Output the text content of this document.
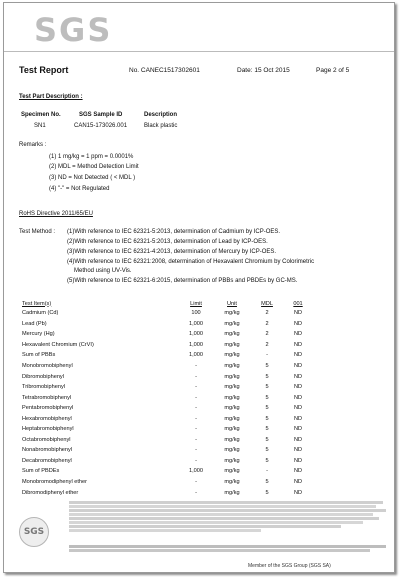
SGS
Test Report	No. CANEC1517302601	Date: 15 Oct 2015	Page 2 of 5
Test Part Description :
Specimen No.	SGS Sample ID	Description
SN1	CAN15-173026.001	Black plastic
Remarks :
(1) 1 mg/kg = 1 ppm = 0.0001%
(2) MDL = Method Detection Limit
(3) ND = Not Detected ( < MDL )
(4) "-" = Not Regulated
RoHS Directive 2011/65/EU
Test Method : (1)With reference to IEC 62321-5:2013, determination of Cadmium by ICP-OES.
(2)With reference to IEC 62321-5:2013, determination of Lead by ICP-OES.
(3)With reference to IEC 62321-4:2013, determination of Mercury by ICP-OES.
(4)With reference to IEC 62321:2008, determination of Hexavalent Chromium by Colorimetric
Method using UV-Vis.
(5)With reference to IEC 62321-6:2015, determination of PBBs and PBDEs by GC-MS.
Test Item(s)	Limit	Unit	MDL	001
Cadmium (Cd)	100	mg/kg	2	ND
Lead (Pb)	1,000	mg/kg	2	ND
Mercury (Hg)	1,000	mg/kg	2	ND
Hexavalent Chromium (CrVI)	1,000	mg/kg	2	ND
Sum of PBBs	1,000	mg/kg	-	ND
Monobromobiphenyl	-	mg/kg	5	ND
Dibromobiphenyl	-	mg/kg	5	ND
Tribromobiphenyl	-	mg/kg	5	ND
Tetrabromobiphenyl	-	mg/kg	5	ND
Pentabromobiphenyl	-	mg/kg	5	ND
Hexabromobiphenyl	-	mg/kg	5	ND
Heptabromobiphenyl	-	mg/kg	5	ND
Octabromobiphenyl	-	mg/kg	5	ND
Nonabromobiphenyl	-	mg/kg	5	ND
Decabromobiphenyl	-	mg/kg	5	ND
Sum of PBDEs	1,000	mg/kg	-	ND
Monobromodiphenyl ether	-	mg/kg	5	ND
Dibromodiphenyl ether	-	mg/kg	5	ND
SGS
Member of the SGS Group (SGS SA)
